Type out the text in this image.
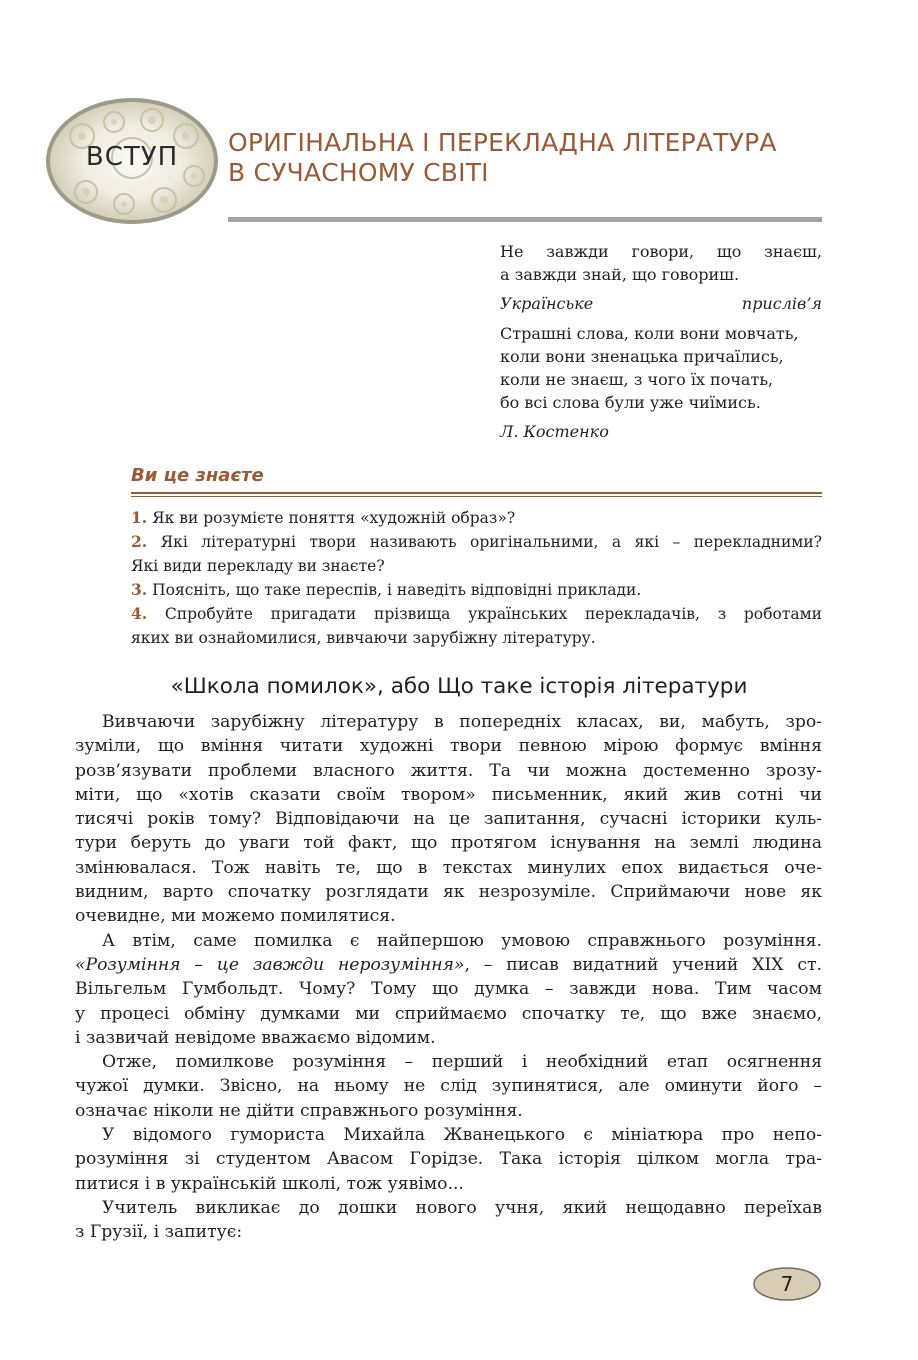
ВСТУП	ОРИГІНАЛЬНА І ПЕРЕКЛАДНА ЛІТЕРАТУРА
В СУЧАСНОМУ СВІТІ

Не завжди говори, що знаєш,

а завжди знай, що говориш.

Українське прислів’я

Страшні слова, коли вони мовчать,

коли вони зненацька причаїлись,

коли не знаєш, з чого їх почать,

бо всі слова були уже чиїмись.

Л. Костенко

Ви це знаєте
1. Як ви розумієте поняття «художній образ»?
2. Які літературні твори називають оригінальними, а які – перекладними?
Які види перекладу ви знаєте?
3. Поясніть, що таке переспів, і наведіть відповідні приклади.
4. Спробуйте пригадати прізвища українських перекладачів, з роботами
яких ви ознайомилися, вивчаючи зарубіжну літературу.
«Школа помилок», або Що таке історія літератури
Вивчаючи зарубіжну літературу в попередніх класах, ви, мабуть, зро-
зуміли, що вміння читати художні твори певною мірою формує вміння
розв’язувати проблеми власного життя. Та чи можна достеменно зрозу-
міти, що «хотів сказати своїм твором» письменник, який жив сотні чи
тисячі років тому? Відповідаючи на це запитання, сучасні історики куль-
тури беруть до уваги той факт, що протягом існування на землі людина
змінювалася. Тож навіть те, що в текстах минулих епох видається оче-
видним, варто спочатку розглядати як незрозуміле. Сприймаючи нове як
очевидне, ми можемо помилятися.
А втім, саме помилка є найпершою умовою справжнього розуміння.
«Розуміння – це завжди нерозуміння», – писав видатний учений XIX ст.
Вільгельм Гумбольдт. Чому? Тому що думка – завжди нова. Тим часом
у процесі обміну думками ми сприймаємо спочатку те, що вже знаємо,
і зазвичай невідоме вважаємо відомим.
Отже, помилкове розуміння – перший і необхідний етап осягнення
чужої думки. Звісно, на ньому не слід зупинятися, але оминути його –
означає ніколи не дійти справжнього розуміння.
У відомого гумориста Михайла Жванецького є мініатюра про непо-
розуміння зі студентом Авасом Горідзе. Така історія цілком могла тра-
питися і в українській школі, тож уявімо...
Учитель викликає до дошки нового учня, який нещодавно переїхав
з Грузії, і запитує:
7
